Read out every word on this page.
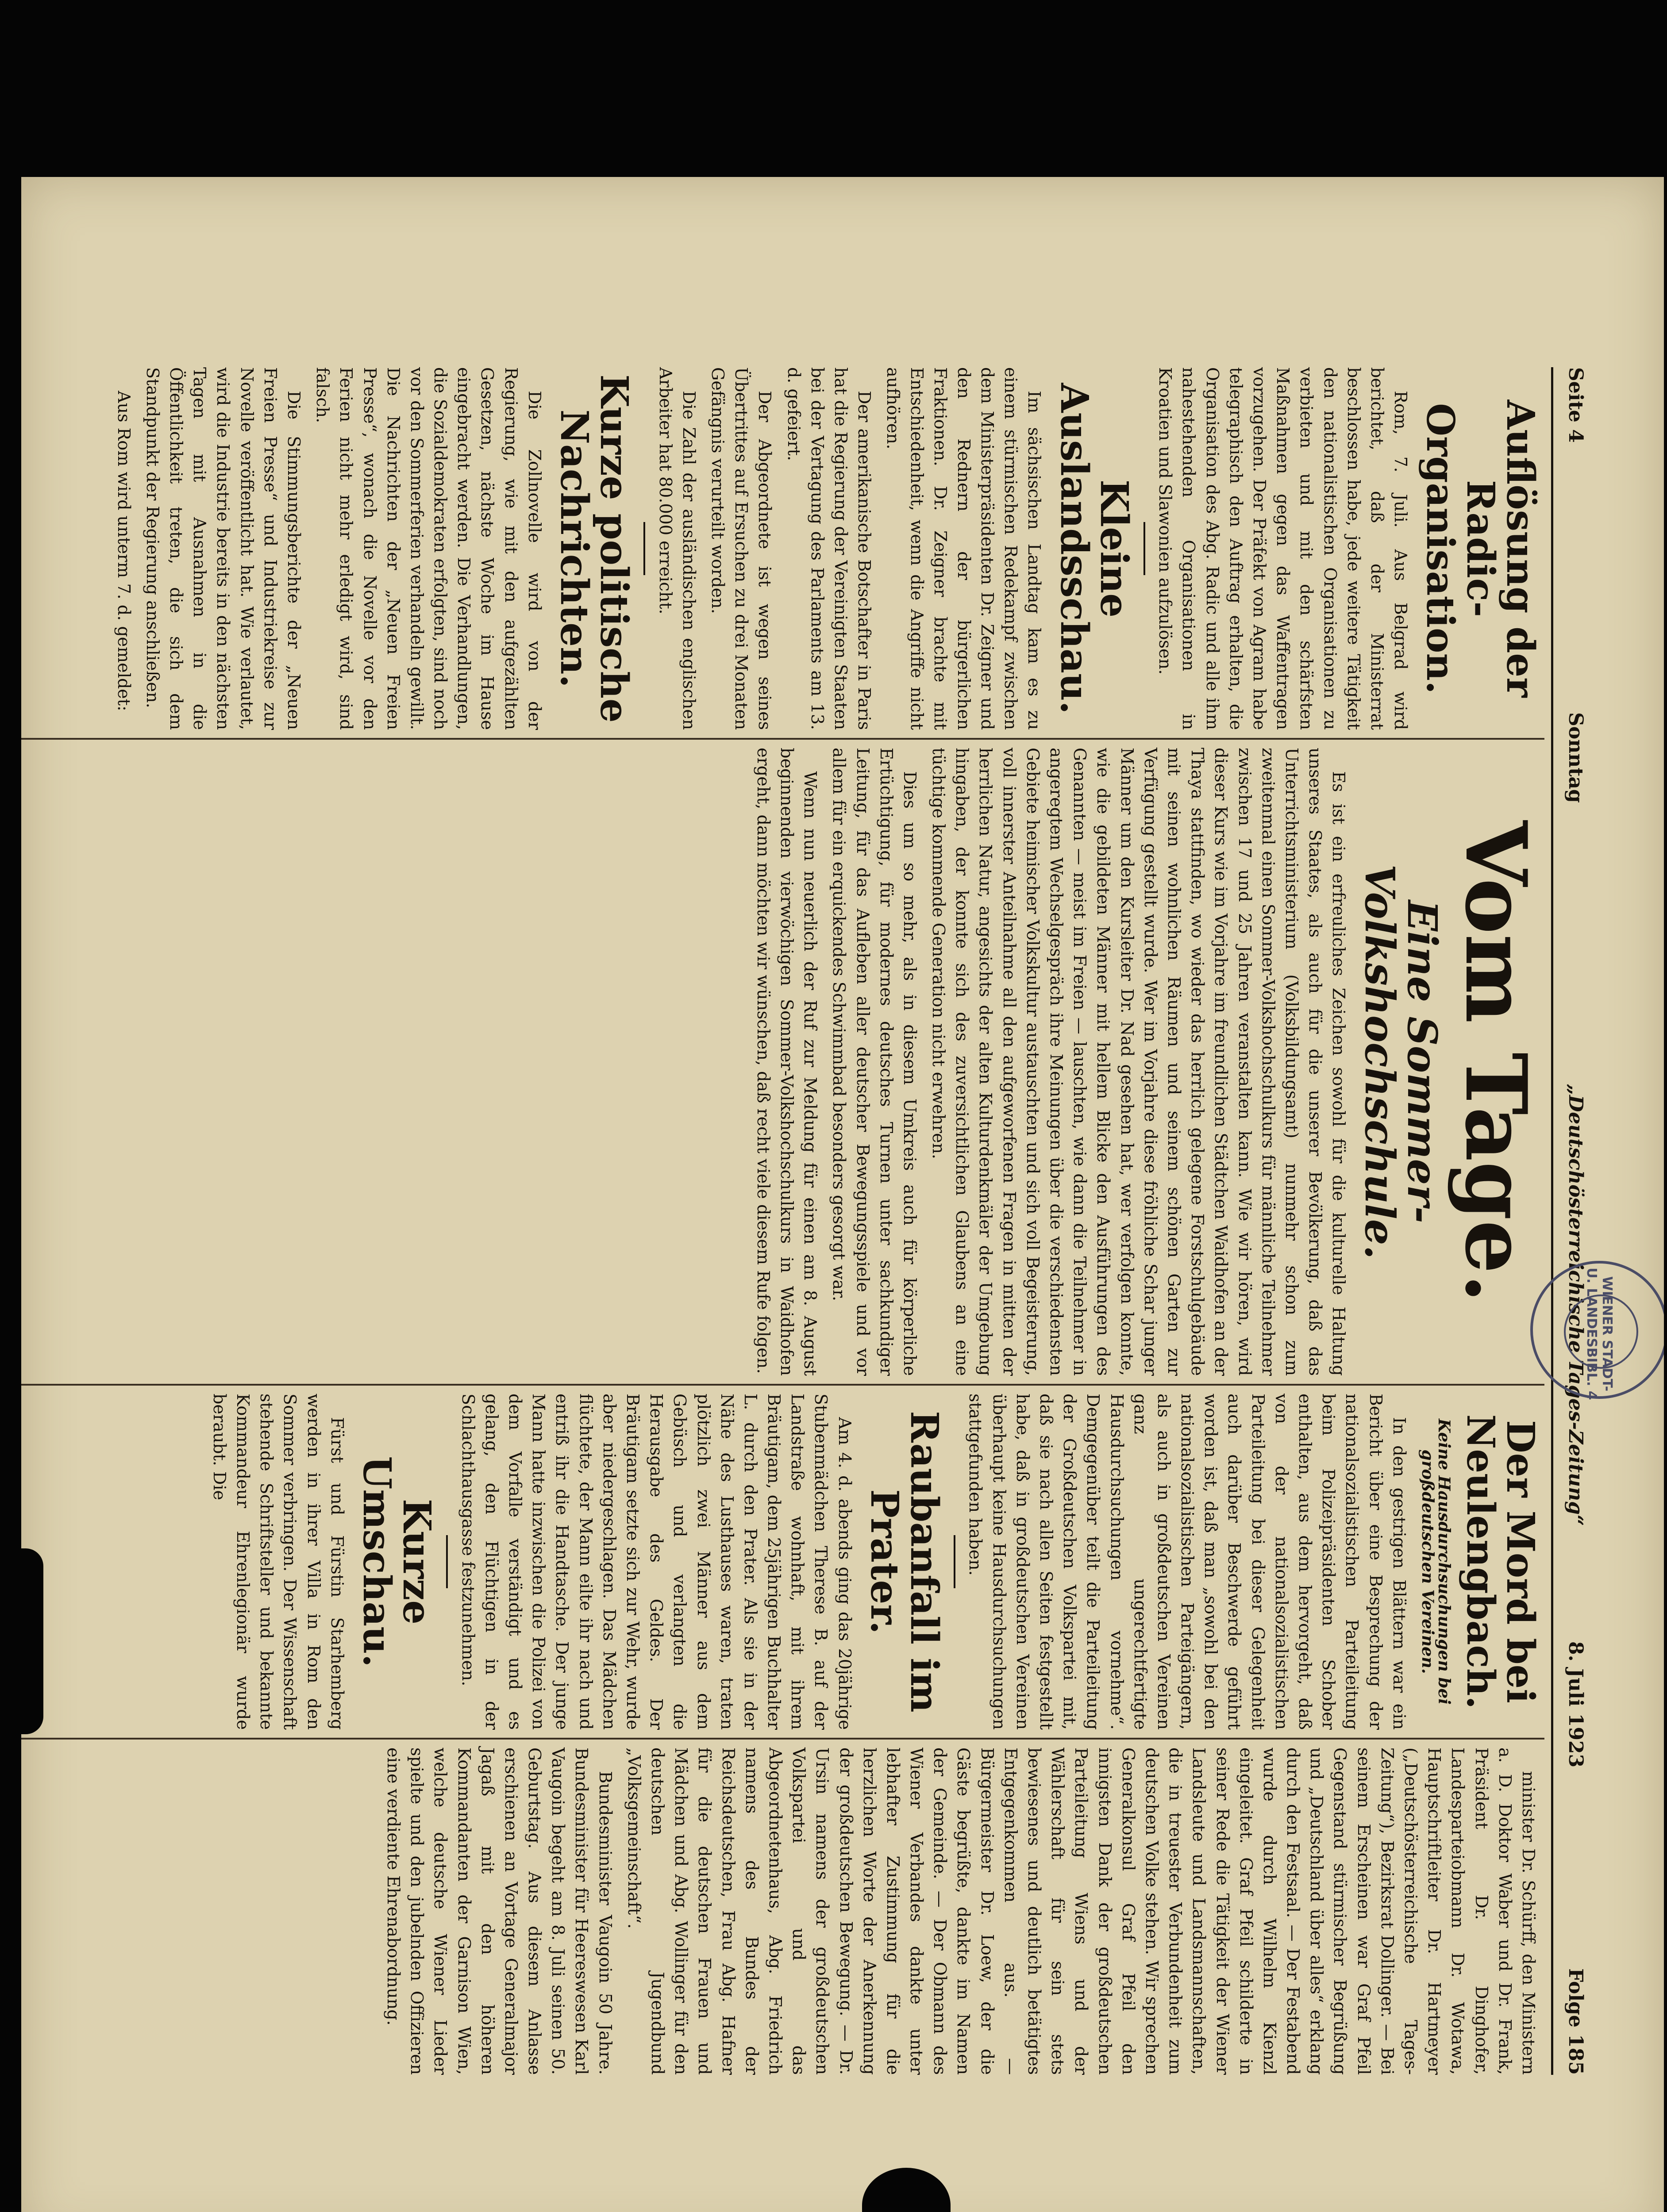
Seite 4
Sonntag
„Deutschösterreichische Tages-Zeitung“
8. Juli 1923
Folge 185
Auflösung der Radic-Organisation.

Rom, 7. Juli. Aus Belgrad wird berichtet, daß der Ministerrat beschlossen habe, jede weitere Tätigkeit den nationalistischen Organisationen zu verbieten und mit den schärfsten Maßnahmen gegen das Waffentragen vorzugehen. Der Präfekt von Agram habe telegraphisch den Auftrag erhalten, die Organisation des Abg. Radic und alle ihm nahestehenden Organisationen in Kroatien und Slawonien aufzulösen.

Kleine Auslandsschau.

Im sächsischen Landtag kam es zu einem stürmischen Redekampf zwischen dem Ministerpräsidenten Dr. Zeigner und den Rednern der bürgerlichen Fraktionen. Dr. Zeigner brachte mit Entschiedenheit, wenn die Angriffe nicht aufhören.

Der amerikanische Botschafter in Paris hat die Regierung der Vereinigten Staaten bei der Vertagung des Parlaments am 13. d. gefeiert.

Der Abgeordnete ist wegen seines Übertrittes auf Ersuchen zu drei Monaten Gefängnis verurteilt worden.

Die Zahl der ausländischen englischen Arbeiter hat 80.000 erreicht.

Kurze politische Nachrichten.

Die Zollnovelle wird von der Regierung, wie mit den aufgezählten Gesetzen, nächste Woche im Hause eingebracht werden. Die Verhandlungen, die Sozialdemokraten erfolgten, sind noch vor den Sommerferien verhandeln gewillt. Die Nachrichten der „Neuen Freien Presse“, wonach die Novelle vor den Ferien nicht mehr erledigt wird, sind falsch.

Die Stimmungsberichte der „Neuen Freien Presse“ und Industriekreise zur Novelle veröffentlicht hat. Wie verlautet, wird die Industrie bereits in den nächsten Tagen mit Ausnahmen in die Öffentlichkeit treten, die sich dem Standpunkt der Regierung anschließen.

Aus Rom wird unterm 7. d. gemeldet:

Vom Tage.
Eine Sommer-Volkshochschule.

Es ist ein erfreuliches Zeichen sowohl für die kulturelle Haltung unseres Staates, als auch für die unserer Bevölkerung, daß das Unterrichtsministerium (Volksbildungsamt) nunmehr schon zum zweitenmal einen Sommer-Volkshochschulkurs für männliche Teilnehmer zwischen 17 und 25 Jahren veranstalten kann. Wie wir hören, wird dieser Kurs wie im Vorjahre im freundlichen Städtchen Waidhofen an der Thaya stattfinden, wo wieder das herrlich gelegene Forstschulgebäude mit seinen wohnlichen Räumen und seinem schönen Garten zur Verfügung gestellt wurde. Wer im Vorjahre diese fröhliche Schar junger Männer um den Kursleiter Dr. Nad gesehen hat, wer verfolgen konnte, wie die gebildeten Männer mit hellem Blicke den Ausführungen des Genannten — meist im Freien — lauschten, wie dann die Teilnehmer in angeregtem Wechselgespräch ihre Meinungen über die verschiedensten Gebiete heimischer Volkskultur austauschten und sich voll Begeisterung, voll innerster Anteilnahme all den aufgeworfenen Fragen in mitten der herrlichen Natur, angesichts der alten Kulturdenkmäler der Umgebung hingaben, der konnte sich des zuversichtlichen Glaubens an eine tüchtige kommende Generation nicht erwehren.

Dies um so mehr, als in diesem Umkreis auch für körperliche Ertüchtigung, für modernes deutsches Turnen unter sachkundiger Leitung, für das Aufleben aller deutscher Bewegungsspiele und vor allem für ein erquickendes Schwimmbad besonders gesorgt war.

Wenn nun neuerlich der Ruf zur Meldung für einen am 8. August beginnenden vierwöchigen Sommer-Volkshochschulkurs in Waidhofen ergeht, dann möchten wir wünschen, daß recht viele diesem Rufe folgen.

Der Mord bei Neulengbach.

Keine Hausdurchsuchungen bei großdeutschen Vereinen.

In den gestrigen Blättern war ein Bericht über eine Besprechung der nationalsozialistischen Parteileitung beim Polizeipräsidenten Schober enthalten, aus dem hervorgeht, daß von der nationalsozialistischen Parteileitung bei dieser Gelegenheit auch darüber Beschwerde geführt worden ist, daß man „sowohl bei den nationalsozialistischen Parteigängern, als auch in großdeutschen Vereinen ganz ungerechtfertigte Hausdurchsuchungen vornehme“. Demgegenüber teilt die Parteileitung der Großdeutschen Volkspartei mit, daß sie nach allen Seiten festgestellt habe, daß in großdeutschen Vereinen überhaupt keine Hausdurchsuchungen stattgefunden haben.

Raubanfall im Prater.

Am 4. d. abends ging das 20jährige Stubenmädchen Therese B. auf der Landstraße wohnhaft, mit ihrem Bräutigam, dem 25jährigen Buchhalter L. durch den Prater. Als sie in der Nähe des Lusthauses waren, traten plötzlich zwei Männer aus dem Gebüsch und verlangten die Herausgabe des Geldes. Der Bräutigam setzte sich zur Wehr, wurde aber niedergeschlagen. Das Mädchen flüchtete, der Mann eilte ihr nach und entriß ihr die Handtasche. Der junge Mann hatte inzwischen die Polizei von dem Vorfalle verständigt und es gelang, den Flüchtigen in der Schlachthausgasse festzunehmen.

Kurze Umschau.

Fürst und Fürstin Starhemberg werden in ihrer Villa in Rom den Sommer verbringen. Der Wissenschaft stehende Schriftsteller und bekannte Kommandeur Ehrenlegionär wurde beraubt. Die

minister Dr. Schürff, den Ministern a. D. Doktor Waber und Dr. Frank, Präsident Dr. Dinghofer, Landesparteiobmann Dr. Wotawa, Hauptschriftleiter Dr. Hartmeyer („Deutschösterreichische Tages-Zeitung“), Bezirksrat Dollinger. — Bei seinem Erscheinen war Graf Pfeil Gegenstand stürmischer Begrüßung und „Deutschland über alles“ erklang durch den Festsaal. — Der Festabend wurde durch Wilhelm Kienzl eingeleitet. Graf Pfeil schilderte in seiner Rede die Tätigkeit der Wiener Landsleute und Landsmannschaften, die in treuester Verbundenheit zum deutschen Volke stehen. Wir sprechen Generalkonsul Graf Pfeil den innigsten Dank der großdeutschen Parteileitung Wiens und der Wählerschaft für sein stets bewiesenes und deutlich betätigtes Entgegenkommen aus. — Bürgermeister Dr. Loew, der die Gäste begrüßte, dankte im Namen der Gemeinde. — Der Obmann des Wiener Verbandes dankte unter lebhafter Zustimmung für die herzlichen Worte der Anerkennung der großdeutschen Bewegung. — Dr. Ursin namens der großdeutschen Volkspartei und das Abgeordnetenhaus, Abg. Friedrich namens des Bundes der Reichsdeutschen, Frau Abg. Hafner für die deutschen Frauen und Mädchen und Abg. Wollinger für den deutschen Jugendbund „Volksgemeinschaft“.

Bundesminister Vaugoin 50 Jahre. Bundesminister für Heereswesen Karl Vaugoin begeht am 8. Juli seinen 50. Geburtstag. Aus diesem Anlasse erschienen an Vortage Generalmajor Jagaß mit den höheren Kommandanten der Garnison Wien, welche deutsche Wiener Lieder spielte und den jubelnden Offizieren eine verdiente Ehrenabordnung.

WIENER STADT- U. LANDESBIBL. 4
